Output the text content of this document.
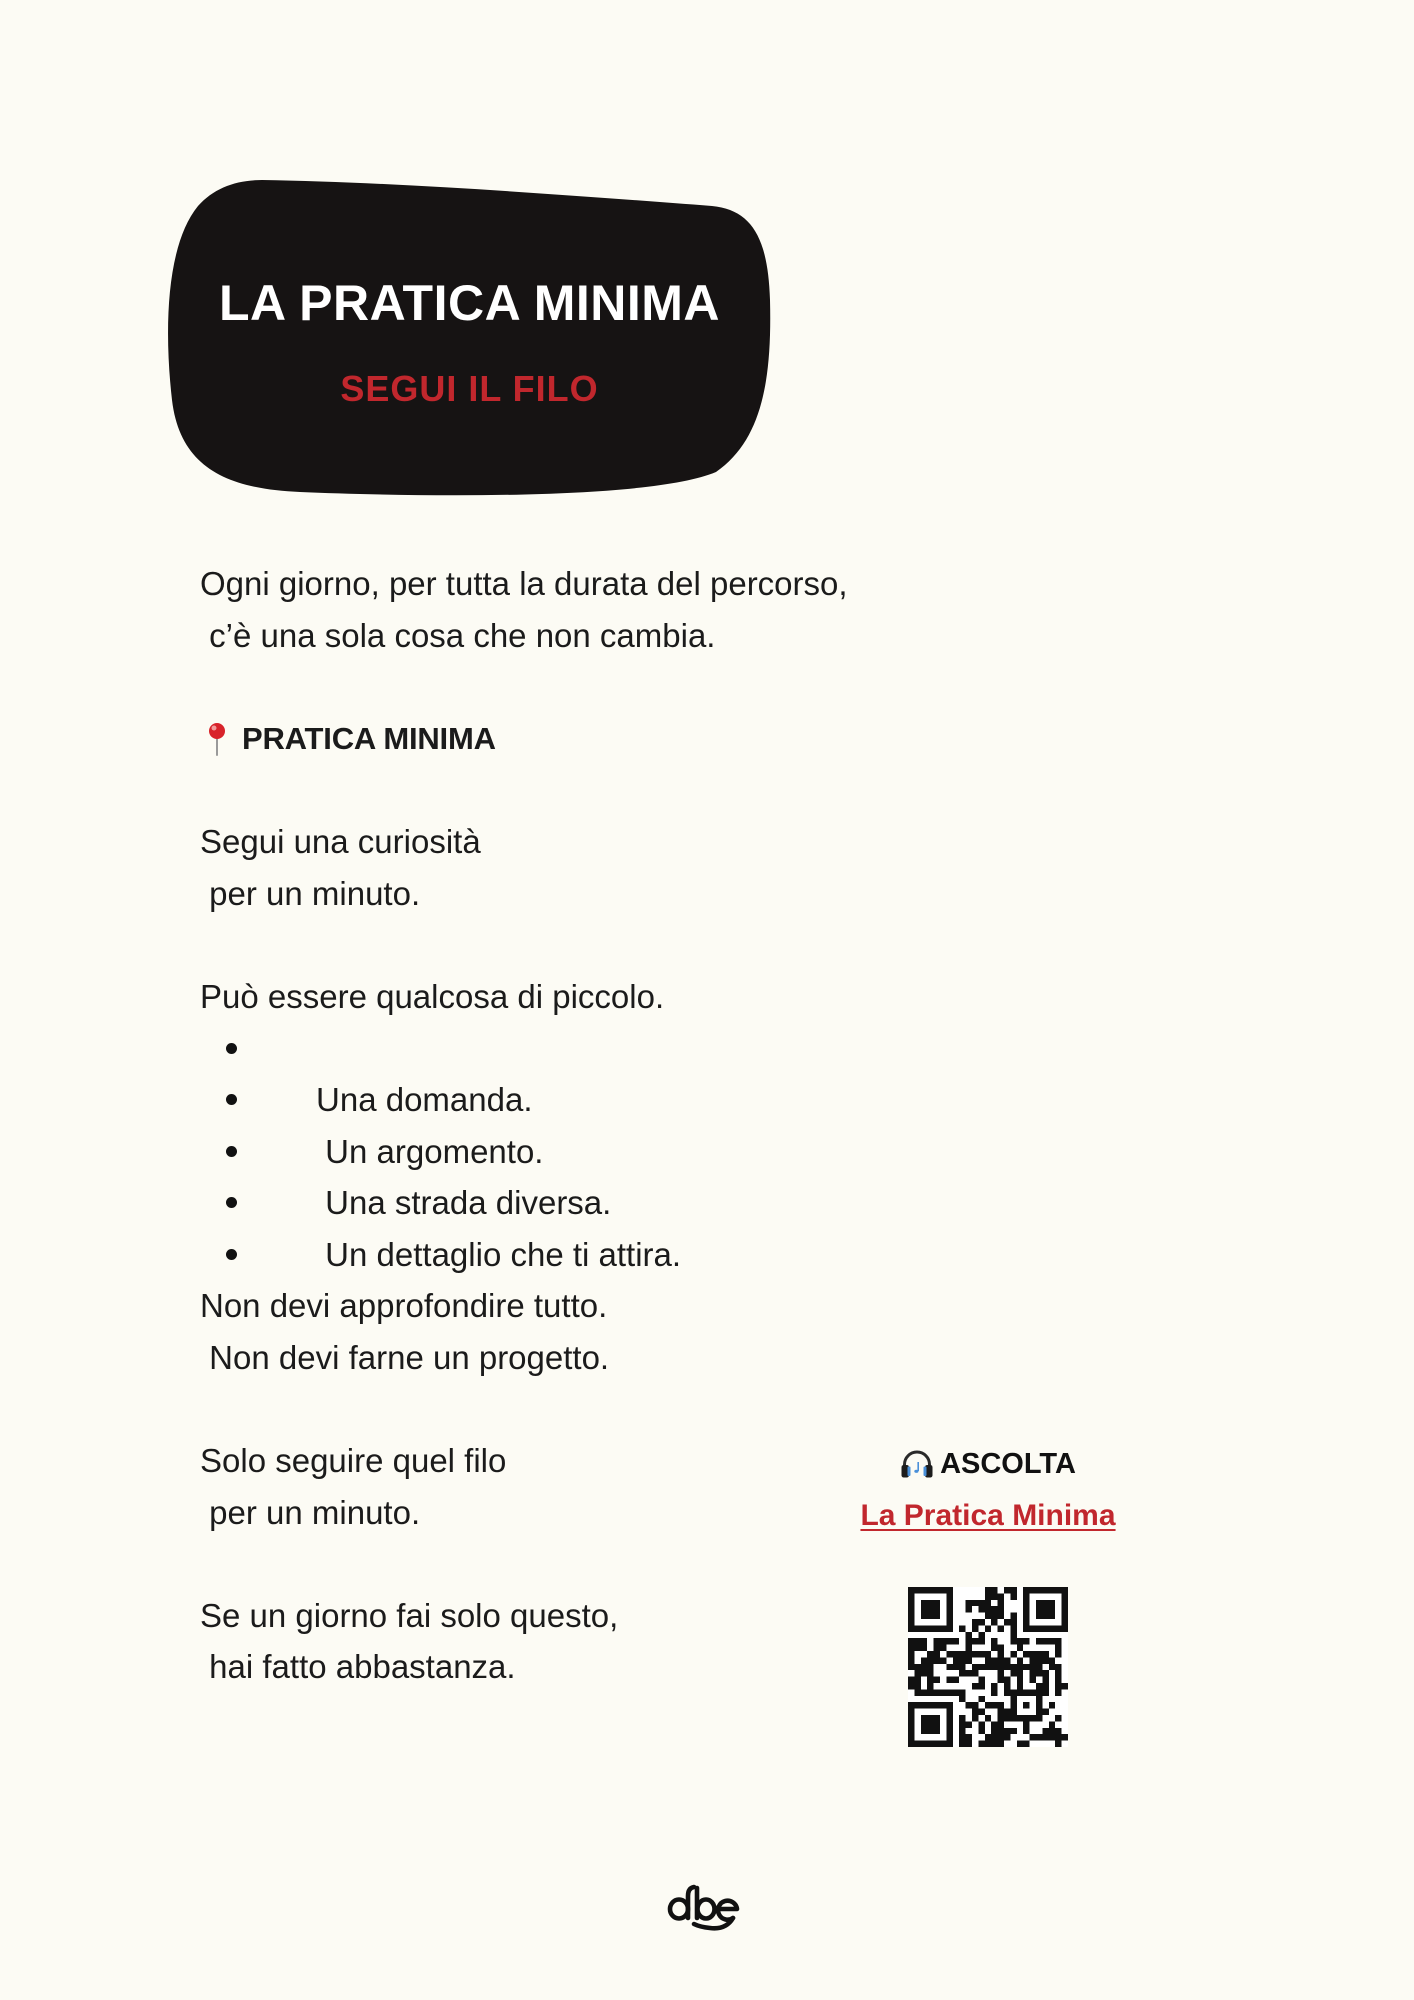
LA PRATICA MINIMA
SEGUI IL FILO
Ogni giorno, per tutta la durata del percorso,
c’è una sola cosa che non cambia.

PRATICA MINIMA

Segui una curiosità
per un minuto.
Può essere qualcosa di piccolo.

Una domanda.

Un argomento.

Una strada diversa.

Un dettaglio che ti attira.

Non devi approfondire tutto.
Non devi farne un progetto.
Solo seguire quel filo
per un minuto.
Se un giorno fai solo questo,
hai fatto abbastanza.
ASCOLTA
La Pratica Minima
